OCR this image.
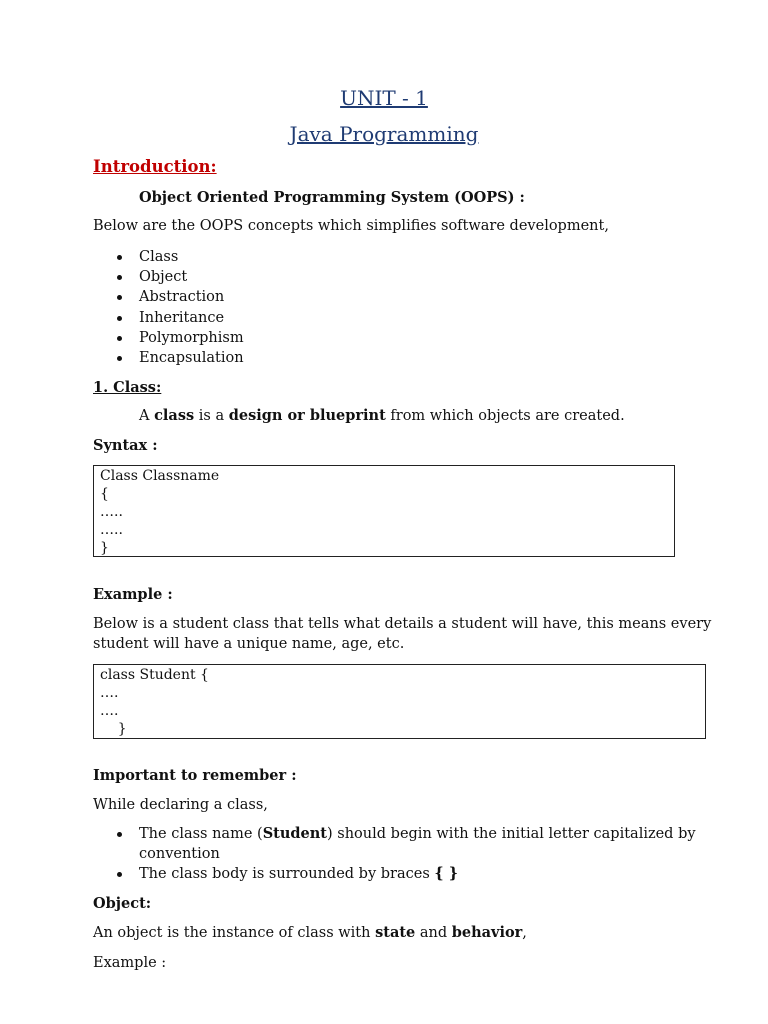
UNIT - 1
Java Programming
Introduction:
Object Oriented Programming System (OOPS) :
Below are the OOPS concepts which simplifies software development,
Class
Object
Abstraction
Inheritance
Polymorphism
Encapsulation
1. Class:
A class is a design or blueprint from which objects are created.
Syntax :
Class Classname
{
…..
…..
}
Example :
Below is a student class that tells what details a student will have, this means every
student will have a unique name, age, etc.
class Student {
….
….
}
Important to remember :
While declaring a class,
The class name (Student) should begin with the initial letter capitalized by
convention
The class body is surrounded by braces { }
Object:
An object is the instance of class with state and behavior,
Example :
